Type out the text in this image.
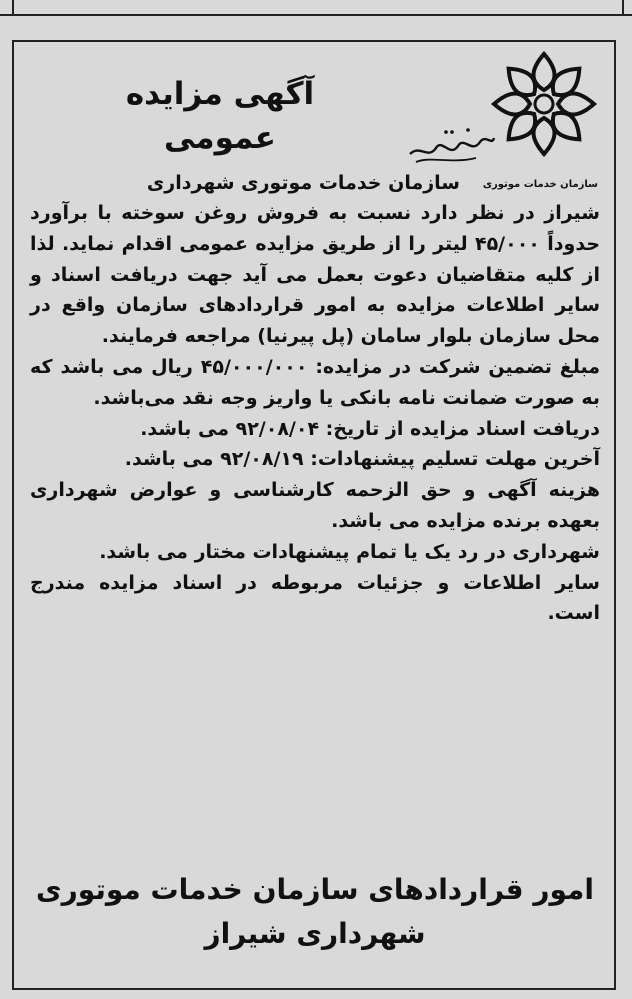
آگهی مزایده عمومی
سازمان خدمات موتوری
سازمان خدمات موتوری شهرداری

شیراز در نظر دارد نسبت به فروش روغن سوخته با برآورد حدوداً ۴۵/۰۰۰ لیتر را از طریق مزایده عمومی اقدام نماید. لذا از کلیه متقاضیان دعوت بعمل می آید جهت دریافت اسناد و سایر اطلاعات مزایده به امور قراردادهای سازمان واقع در محل سازمان بلوار سامان (پل پیرنیا) مراجعه فرمایند.

مبلغ تضمین شرکت در مزایده: ۴۵/۰۰۰/۰۰۰ ریال می باشد که به صورت ضمانت نامه بانکی یا واریز وجه نقد می‌باشد.

دریافت اسناد مزایده از تاریخ: ۹۲/۰۸/۰۴ می باشد.

آخرین مهلت تسلیم پیشنهادات: ۹۲/۰۸/۱۹ می باشد.

هزینه آگهی و حق الزحمه کارشناسی و عوارض شهرداری بعهده برنده مزایده می باشد.

شهرداری در رد یک یا تمام پیشنهادات مختار می باشد.

سایر اطلاعات و جزئیات مربوطه در اسناد مزایده مندرج است.

امور قراردادهای سازمان خدمات موتوری
شهرداری شیراز
